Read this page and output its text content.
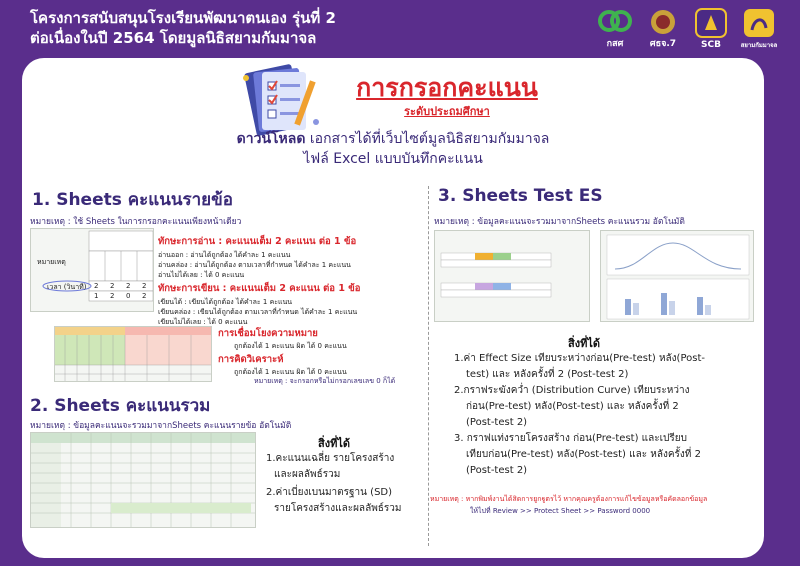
โครงการสนับสนุนโรงเรียนพัฒนาตนเอง รุ่นที่ 2
ต่อเนื่องในปี 2564 โดยมูลนิธิสยามกัมมาจล	กสศ	ศธจ.7	SCB	สยามกัมมาจล
การกรอกคะแนน
ระดับประถมศึกษา
ดาวน์โหลด เอกสารได้ที่เว็บไซต์มูลนิธิสยามกัมมาจล
ไฟล์ Excel แบบบันทึกคะแนน
1. Sheets คะแนนรายข้อ
หมายเหตุ : ใช้ Sheets ในการกรอกคะแนนเพียงหน้าเดียว
หมายเหตุ
เวลา (วินาที) 2 2 2 2
1 2 0 2
ทักษะการอ่าน : คะแนนเต็ม 2 คะแนน ต่อ 1 ข้อ
อ่านออก : อ่านได้ถูกต้อง ได้คำละ 1 คะแนน
อ่านคล่อง : อ่านได้ถูกต้อง ตามเวลาที่กำหนด ได้คำละ 1 คะแนน
อ่านไม่ได้เลย : ได้ 0 คะแนน
ทักษะการเขียน : คะแนนเต็ม 2 คะแนน ต่อ 1 ข้อ
เขียนได้ : เขียนได้ถูกต้อง ได้คำละ 1 คะแนน
เขียนคล่อง : เขียนได้ถูกต้อง ตามเวลาที่กำหนด ได้คำละ 1 คะแนน
เขียนไม่ได้เลย : ได้ 0 คะแนน
การเชื่อมโยงความหมาย
ถูกต้องได้ 1 คะแนน ผิด ได้ 0 คะแนน
การคิดวิเคราะห์
ถูกต้องได้ 1 คะแนน ผิด ได้ 0 คะแนน
หมายเหตุ : จะกรอกหรือไม่กรอกเลขเลข 0 ก็ได้
2. Sheets คะแนนรวม
หมายเหตุ : ข้อมูลคะแนนจะรวมมาจากSheets คะแนนรายข้อ อัตโนมัติ
สิ่งที่ได้
1.คะแนนเฉลี่ย รายโครงสร้าง
และผลลัพธ์รวม
2.ค่าเบี่ยงเบนมาตรฐาน (SD)
รายโครงสร้างและผลลัพธ์รวม
3. Sheets Test ES
หมายเหตุ : ข้อมูลคะแนนจะรวมมาจากSheets คะแนนรวม อัตโนมัติ
สิ่งที่ได้
1.ค่า Effect Size เทียบระหว่างก่อน(Pre-test) หลัง(Post-
test) และ หลังครั้งที่ 2 (Post-test 2)
2.กราฟระฆังคว่ำ (Distribution Curve) เทียบระหว่าง
ก่อน(Pre-test) หลัง(Post-test) และ หลังครั้งที่ 2
(Post-test 2)
3. กราฟแท่งรายโครงสร้าง ก่อน(Pre-test) และเปรียบ
เทียบก่อน(Pre-test) หลัง(Post-test) และ หลังครั้งที่ 2
(Post-test 2)
หมายเหตุ : หากพิมพ์งานได้สิดการยูกฐูตรไว้ หากคุณครูต้องการแก้ไขข้อมูลหรือคัดลอกข้อมูล
ให้ไปที่ Review >> Protect Sheet >> Password 0000
